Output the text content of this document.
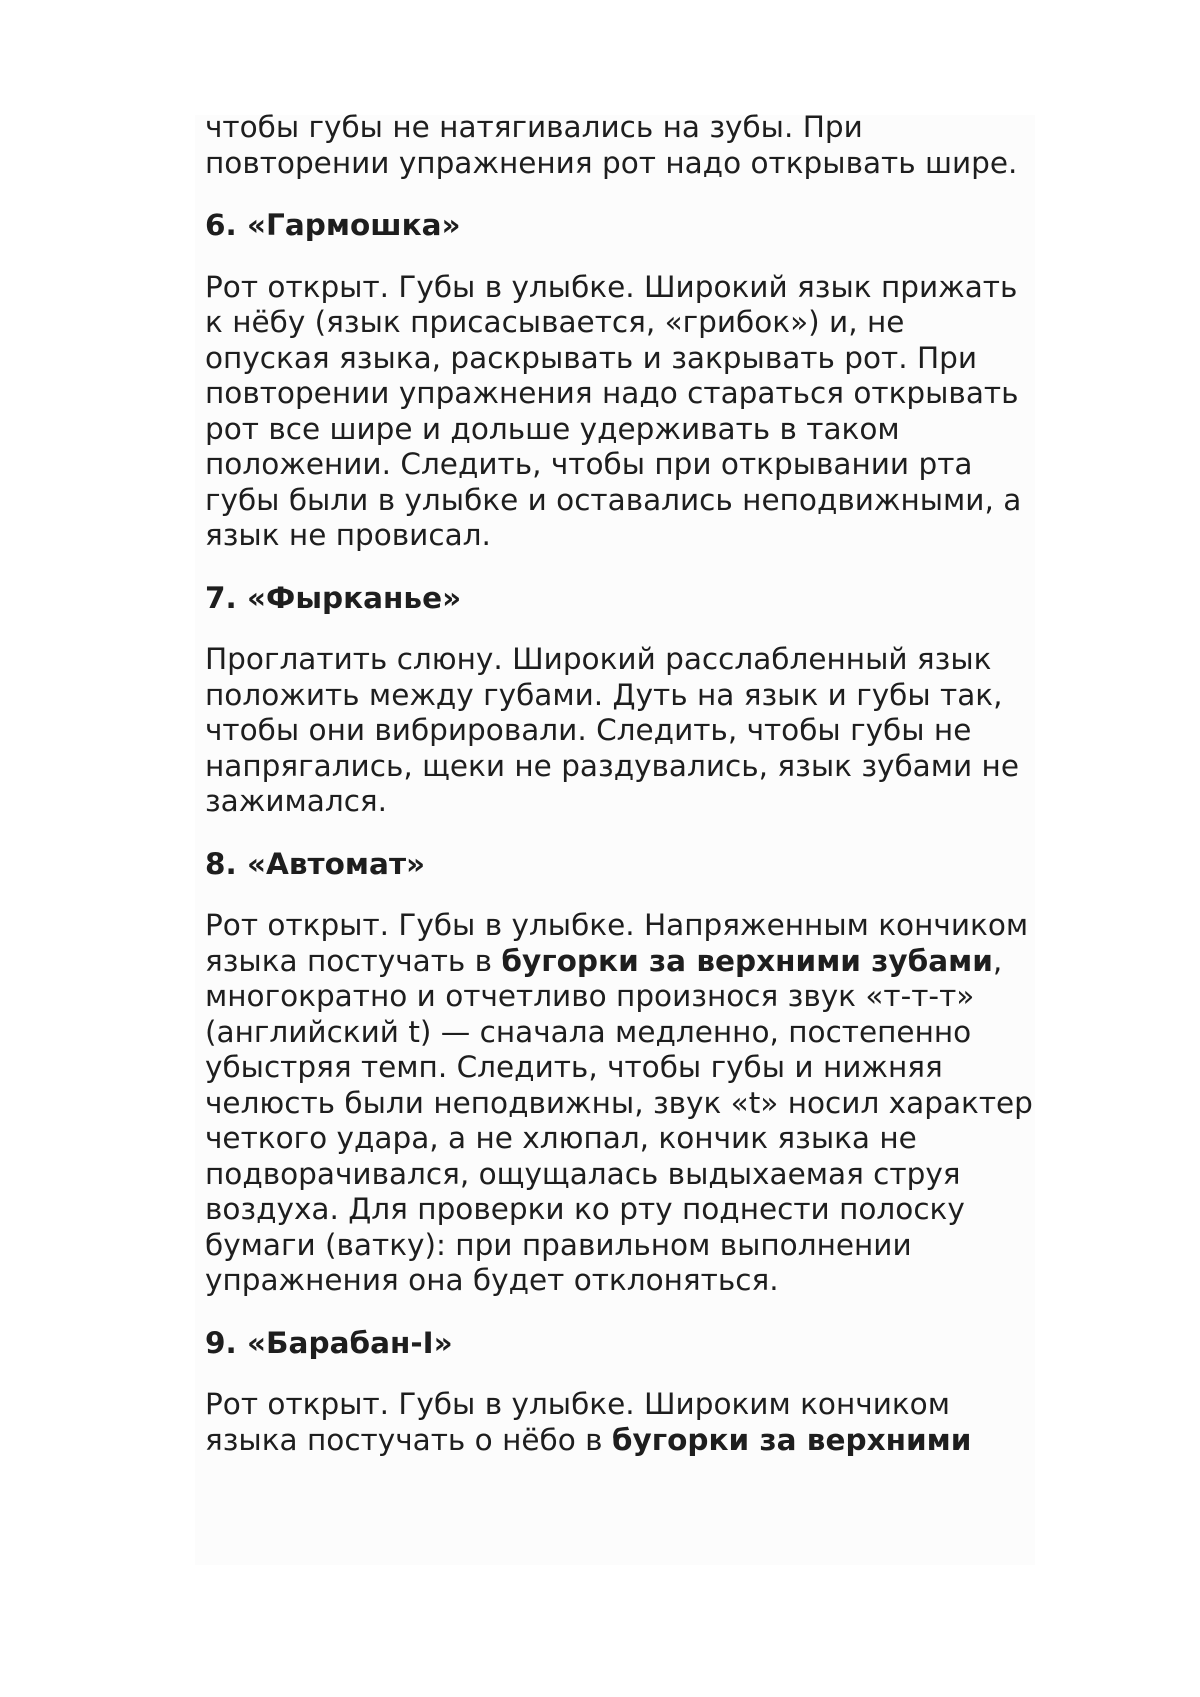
чтобы губы не натягивались на зубы. При повторении упражнения рот надо открывать шире.

6. «Гармошка»

Рот открыт. Губы в улыбке. Широкий язык прижать к нёбу (язык присасывается, «грибок») и, не опуская языка, раскрывать и закрывать рот. При повторении упражнения надо стараться открывать рот все шире и дольше удерживать в таком положении. Следить, чтобы при открывании рта губы были в улыбке и оставались неподвижными, а язык не провисал.

7. «Фырканье»

Проглатить слюну. Широкий расслабленный язык положить между губами. Дуть на язык и губы так, чтобы они вибрировали. Следить, чтобы губы не напрягались, щеки не раздувались, язык зубами не зажимался.

8. «Автомат»

Рот открыт. Губы в улыбке. Напряженным кончиком языка постучать в бугорки за верхними зубами, многократно и отчетливо произнося звук «т-т-т» (английский t) — сначала медленно, постепенно убыстряя темп. Следить, чтобы губы и нижняя челюсть были неподвижны, звук «t» носил характер четкого удара, а не хлюпал, кончик языка не подворачивался, ощущалась выдыхаемая струя воздуха. Для проверки ко рту поднести полоску бумаги (ватку): при правильном выполнении упражнения она будет отклоняться.

9. «Барабан-I»

Рот открыт. Губы в улыбке. Широким кончиком языка постучать о нёбо в бугорки за верхними
